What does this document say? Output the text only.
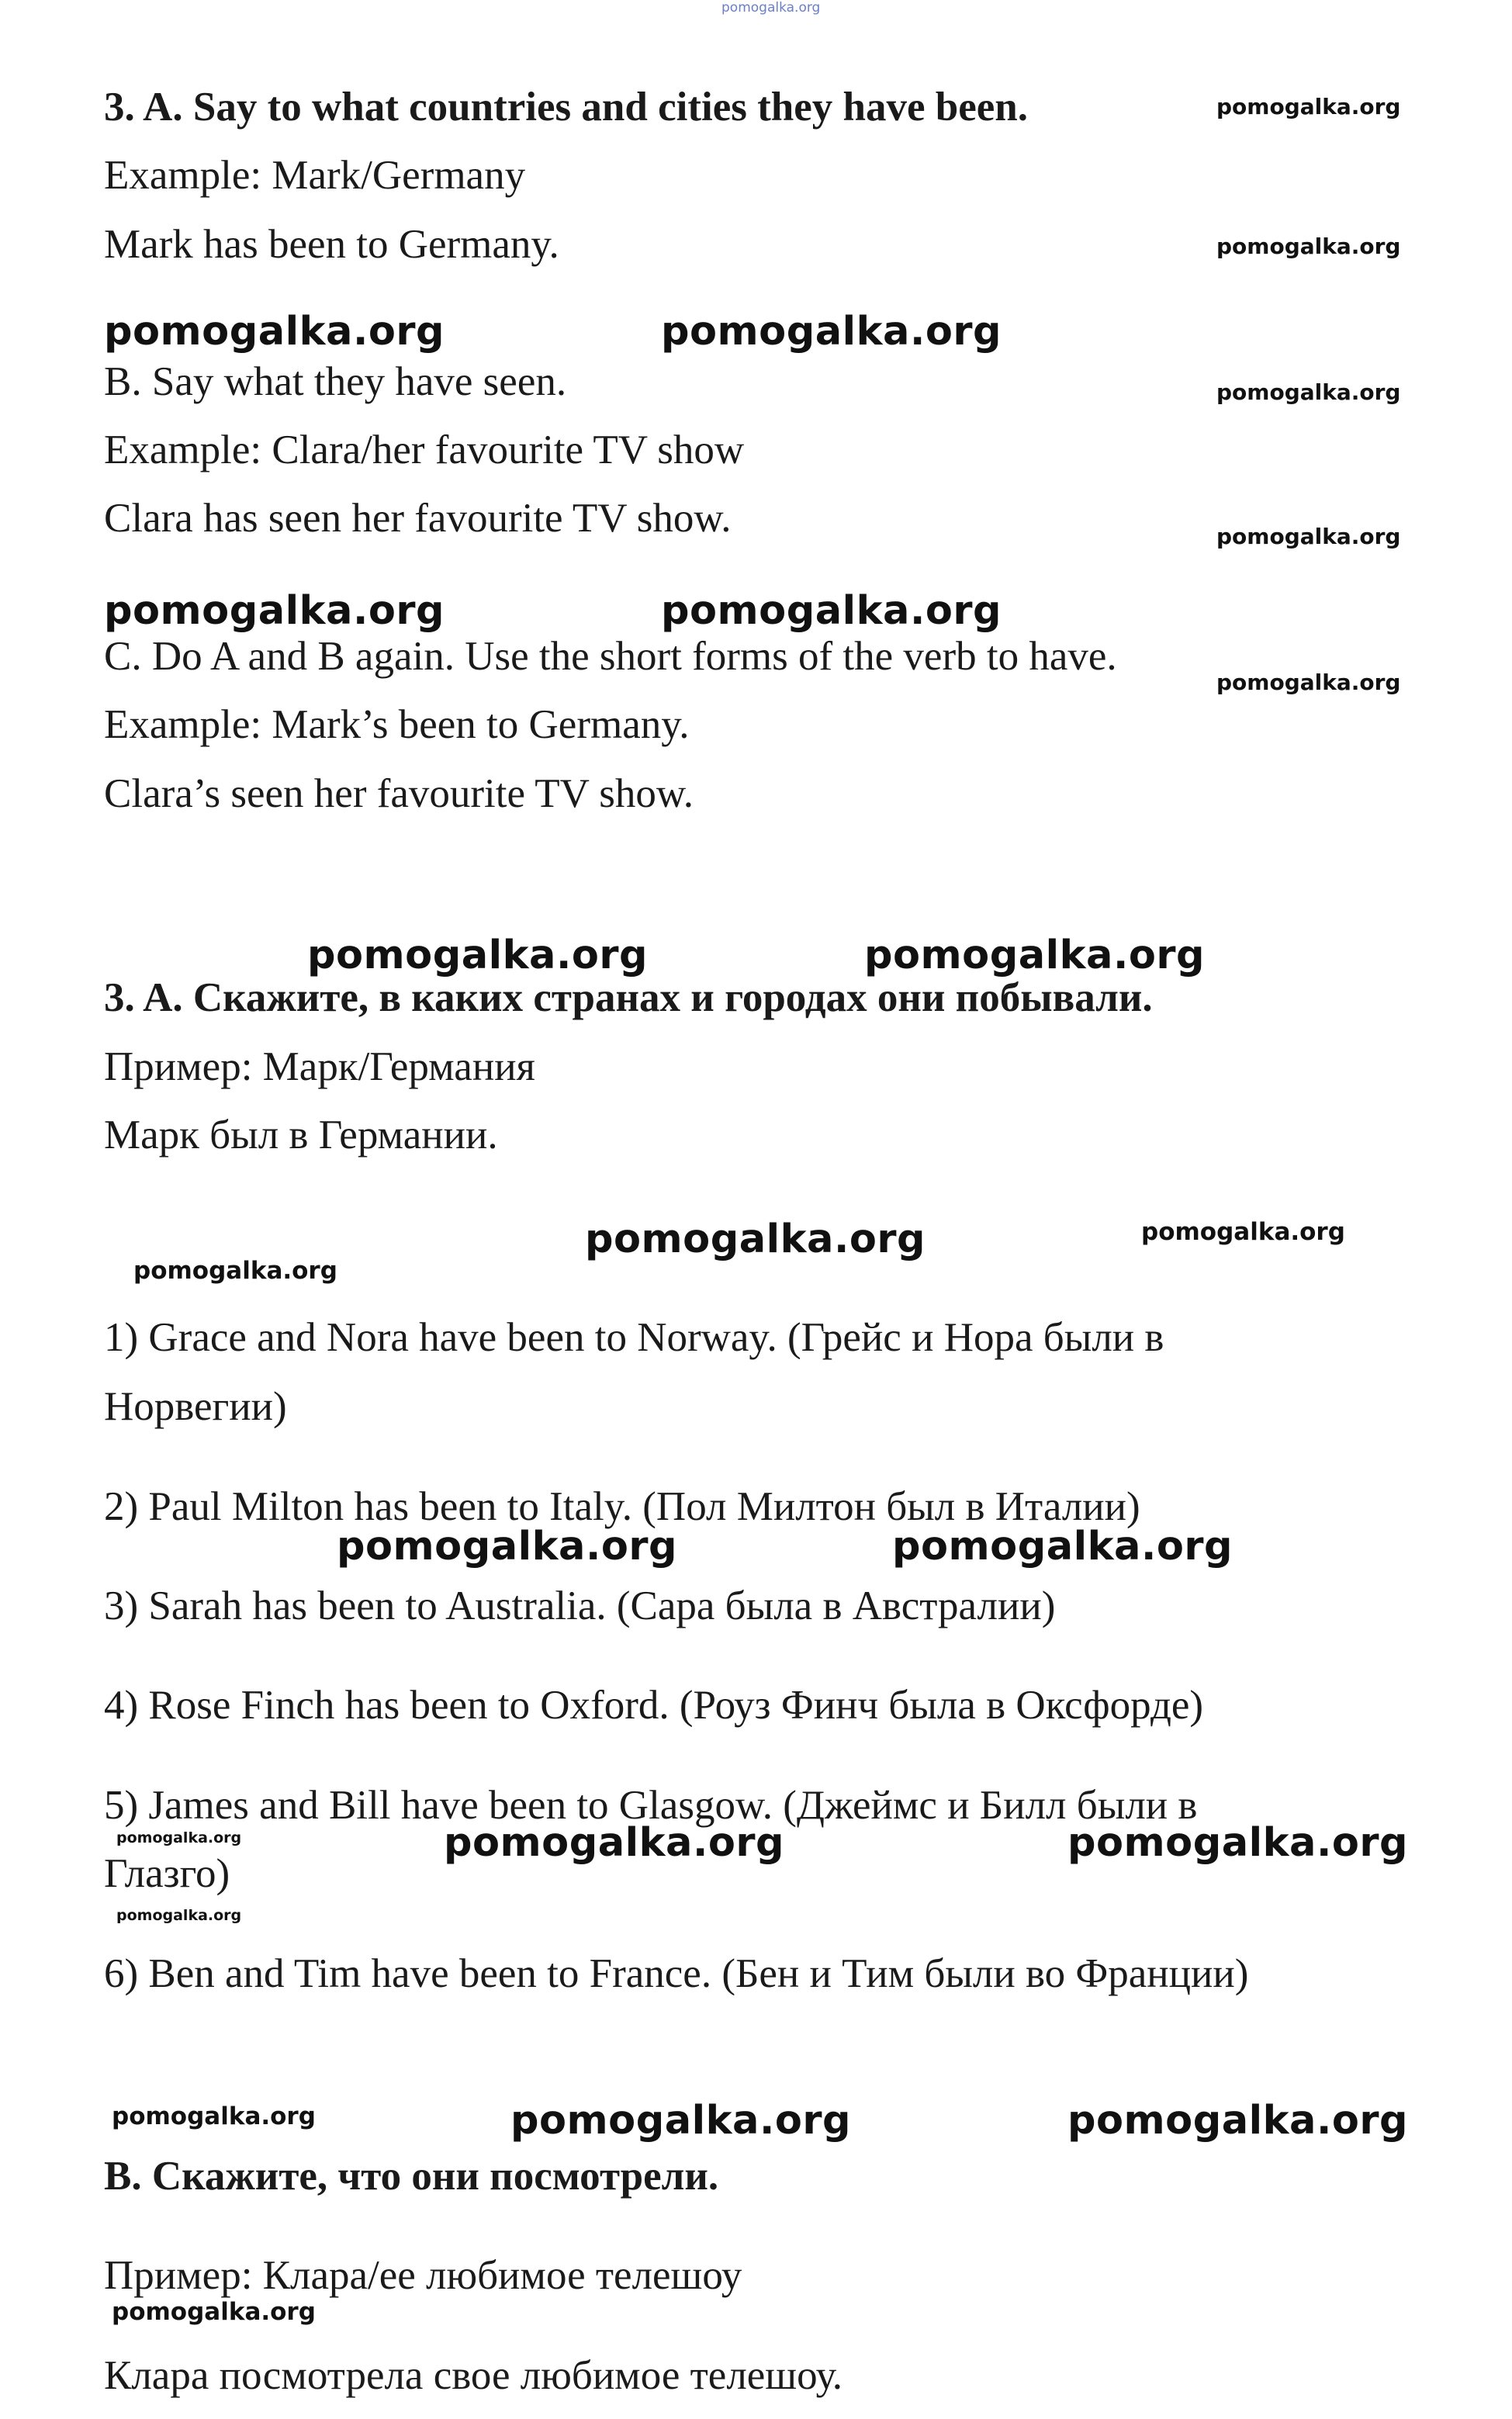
pomogalka.org
3. A. Say to what countries and cities they have been.
Example: Mark/Germany
Mark has been to Germany.
B. Say what they have seen.
Example: Clara/her favourite TV show
Clara has seen her favourite TV show.
C. Do A and B again. Use the short forms of the verb to have.
Example: Mark’s been to Germany.
Clara’s seen her favourite TV show.
3. A. Скажите, в каких странах и городах они побывали.
Пример: Марк/Германия
Марк был в Германии.
1) Grace and Nora have been to Norway. (Грейс и Нора были в
Норвегии)
2) Paul Milton has been to Italy. (Пол Милтон был в Италии)
3) Sarah has been to Australia. (Сара была в Австралии)
4) Rose Finch has been to Oxford. (Роуз Финч была в Оксфорде)
5) James and Bill have been to Glasgow. (Джеймс и Билл были в
Глазго)
6) Ben and Tim have been to France. (Бен и Тим были во Франции)
B. Скажите, что они посмотрели.
Пример: Клара/ее любимое телешоу
Клара посмотрела свое любимое телешоу.
pomogalka.org
pomogalka.org
pomogalka.org	pomogalka.org
pomogalka.org
pomogalka.org
pomogalka.org	pomogalka.org
pomogalka.org
pomogalka.org	pomogalka.org
pomogalka.org
pomogalka.org
pomogalka.org
pomogalka.org	pomogalka.org
pomogalka.org	pomogalka.org	pomogalka.org
pomogalka.org
pomogalka.org	pomogalka.org	pomogalka.org
pomogalka.org
